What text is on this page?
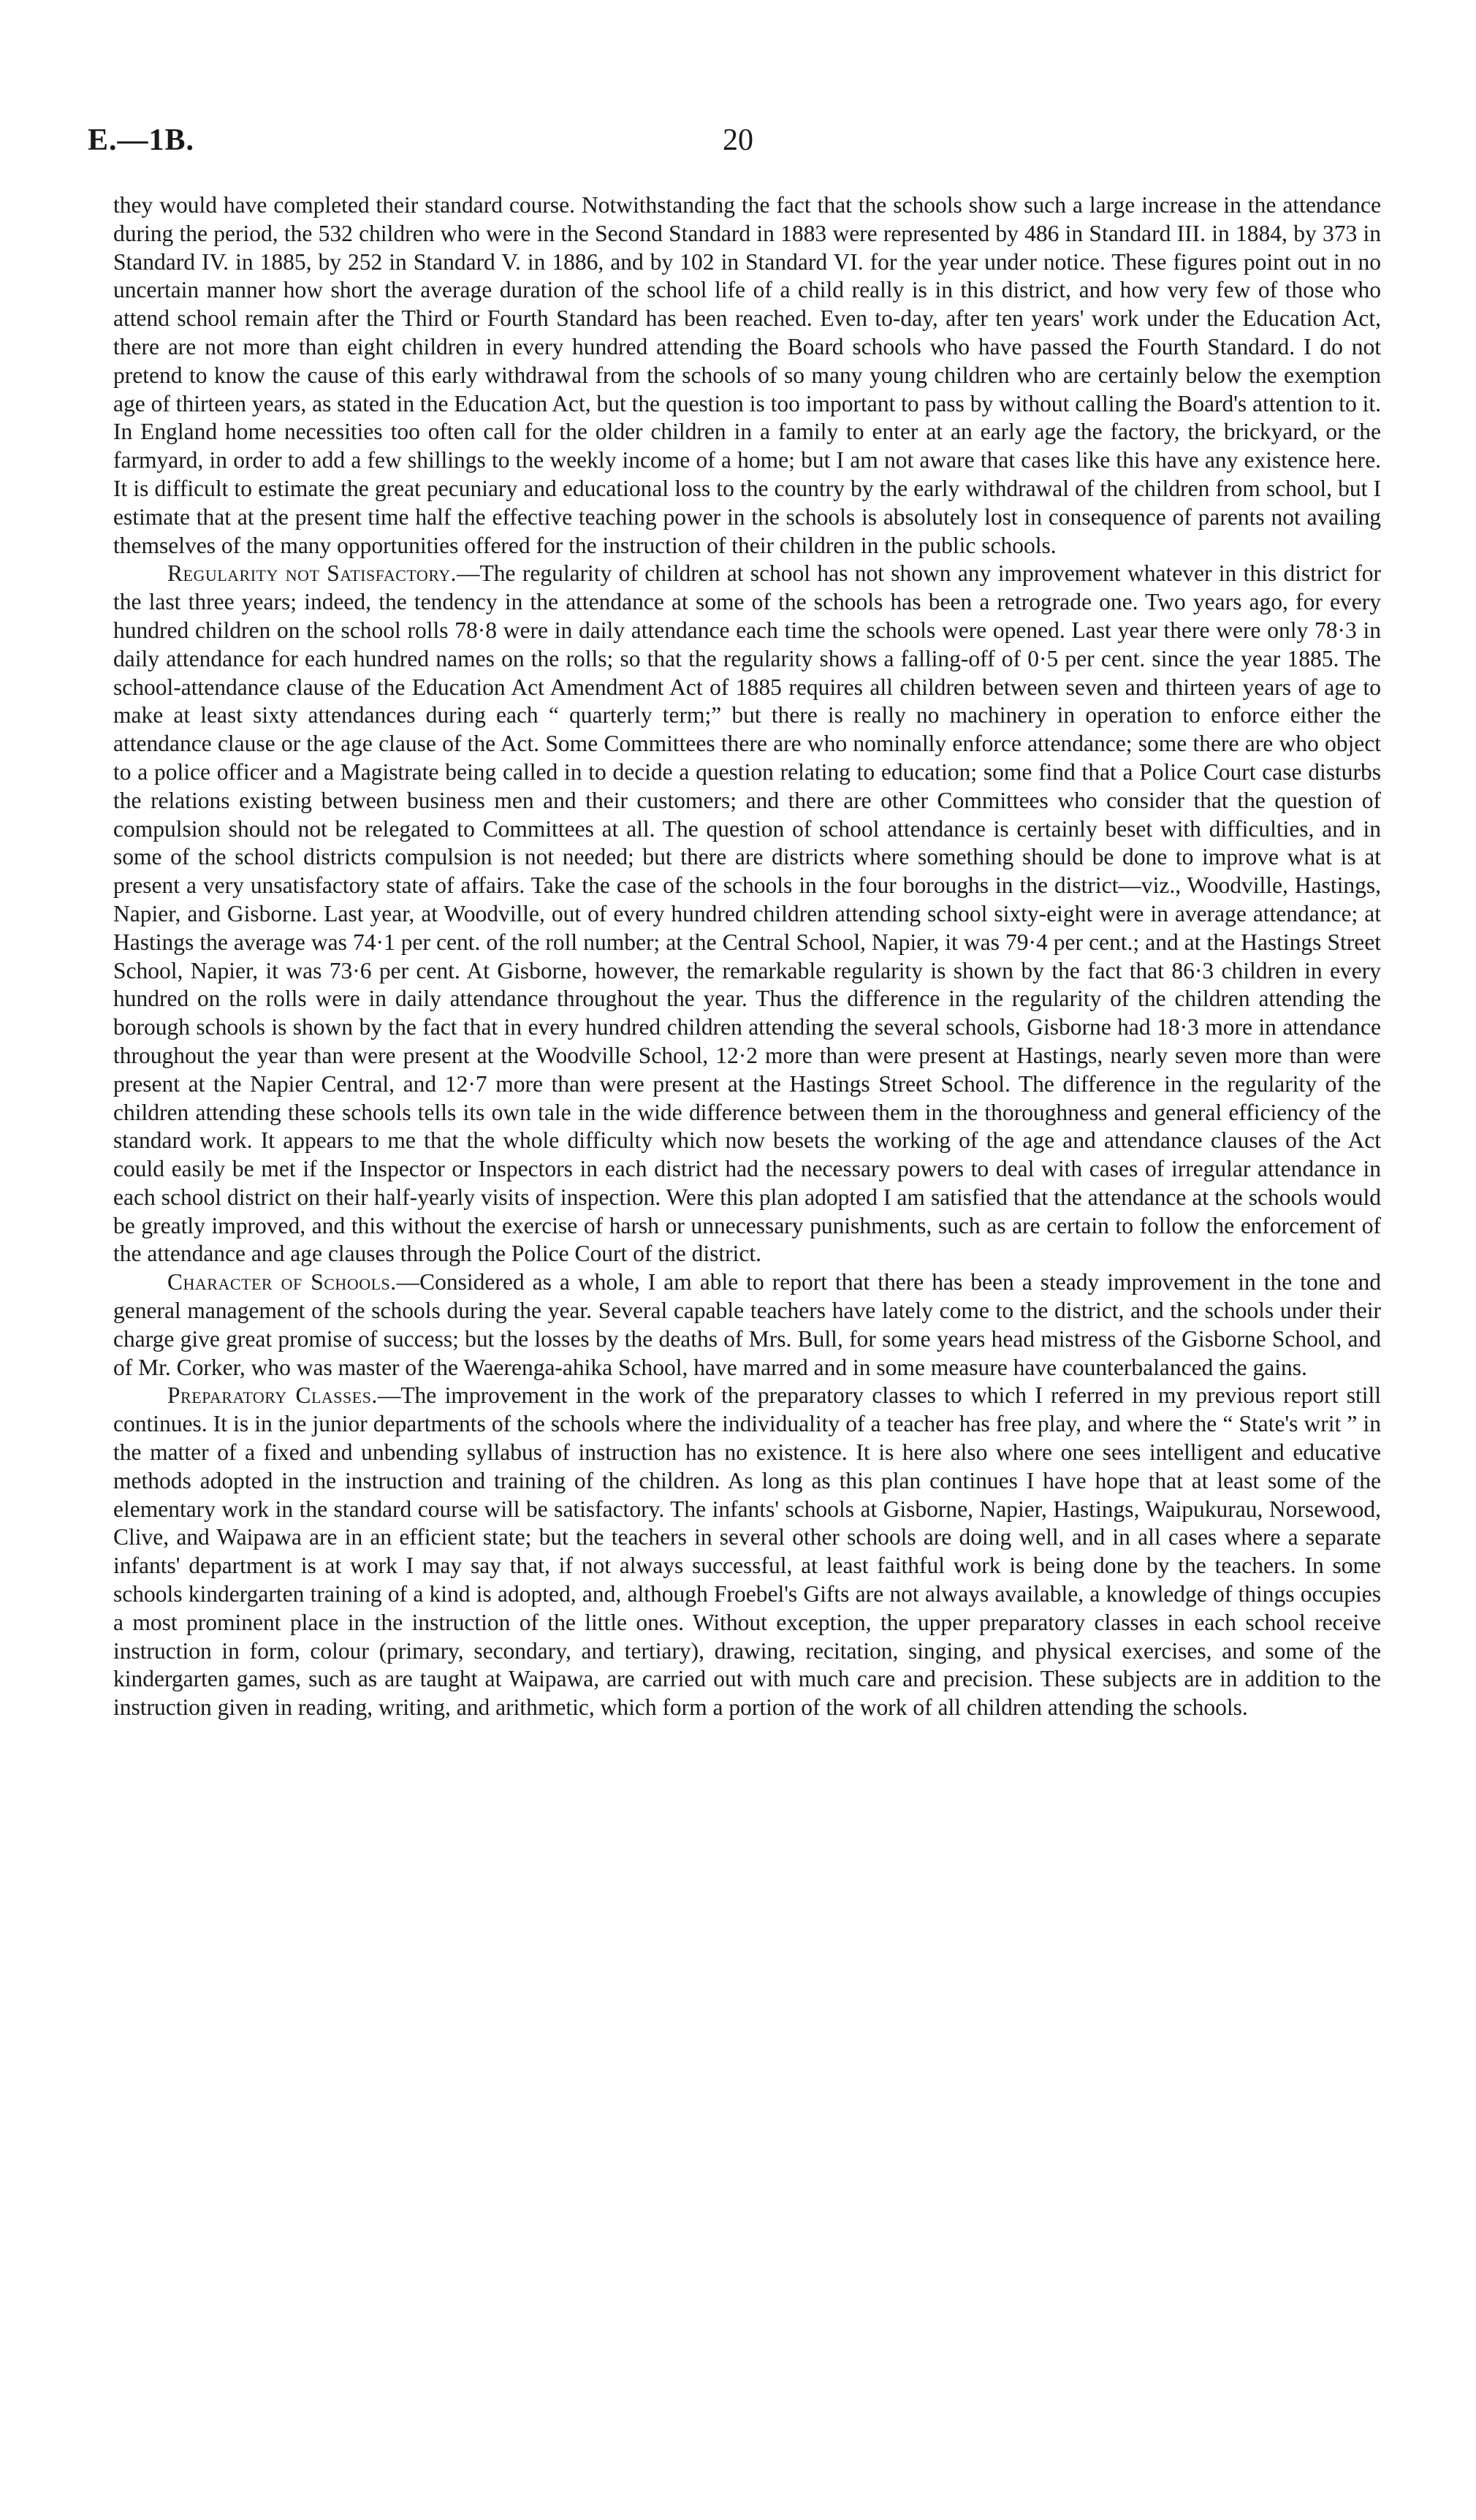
E.—1B.	20

they would have completed their standard course. Notwithstanding the fact that the schools show such a large increase in the attendance during the period, the 532 children who were in the Second Standard in 1883 were represented by 486 in Standard III. in 1884, by 373 in Standard IV. in 1885, by 252 in Standard V. in 1886, and by 102 in Standard VI. for the year under notice. These figures point out in no uncertain manner how short the average duration of the school life of a child really is in this district, and how very few of those who attend school remain after the Third or Fourth Standard has been reached. Even to-day, after ten years' work under the Education Act, there are not more than eight children in every hundred attending the Board schools who have passed the Fourth Standard. I do not pretend to know the cause of this early withdrawal from the schools of so many young children who are certainly below the exemption age of thirteen years, as stated in the Education Act, but the question is too important to pass by without calling the Board's attention to it. In England home necessities too often call for the older children in a family to enter at an early age the factory, the brickyard, or the farmyard, in order to add a few shillings to the weekly income of a home; but I am not aware that cases like this have any existence here. It is difficult to estimate the great pecuniary and educational loss to the country by the early withdrawal of the children from school, but I estimate that at the present time half the effective teaching power in the schools is absolutely lost in consequence of parents not availing themselves of the many opportunities offered for the instruction of their children in the public schools.

Regularity not Satisfactory.—The regularity of children at school has not shown any improvement whatever in this district for the last three years; indeed, the tendency in the attendance at some of the schools has been a retrograde one. Two years ago, for every hundred children on the school rolls 78·8 were in daily attendance each time the schools were opened. Last year there were only 78·3 in daily attendance for each hundred names on the rolls; so that the regularity shows a falling-off of 0·5 per cent. since the year 1885. The school-attendance clause of the Education Act Amendment Act of 1885 requires all children between seven and thirteen years of age to make at least sixty attendances during each “ quarterly term;” but there is really no machinery in operation to enforce either the attendance clause or the age clause of the Act. Some Committees there are who nominally enforce attendance; some there are who object to a police officer and a Magistrate being called in to decide a question relating to education; some find that a Police Court case disturbs the relations existing between business men and their customers; and there are other Committees who consider that the question of compulsion should not be relegated to Committees at all. The question of school attendance is certainly beset with difficulties, and in some of the school districts compulsion is not needed; but there are districts where something should be done to improve what is at present a very unsatisfactory state of affairs. Take the case of the schools in the four boroughs in the district—viz., Woodville, Hastings, Napier, and Gisborne. Last year, at Woodville, out of every hundred children attending school sixty-eight were in average attendance; at Hastings the average was 74·1 per cent. of the roll number; at the Central School, Napier, it was 79·4 per cent.; and at the Hastings Street School, Napier, it was 73·6 per cent. At Gisborne, however, the remarkable regularity is shown by the fact that 86·3 children in every hundred on the rolls were in daily attendance throughout the year. Thus the difference in the regularity of the children attending the borough schools is shown by the fact that in every hundred children attending the several schools, Gisborne had 18·3 more in attendance throughout the year than were present at the Woodville School, 12·2 more than were present at Hastings, nearly seven more than were present at the Napier Central, and 12·7 more than were present at the Hastings Street School. The difference in the regularity of the children attending these schools tells its own tale in the wide difference between them in the thoroughness and general efficiency of the standard work. It appears to me that the whole difficulty which now besets the working of the age and attendance clauses of the Act could easily be met if the Inspector or Inspectors in each district had the necessary powers to deal with cases of irregular attendance in each school district on their half-yearly visits of inspection. Were this plan adopted I am satisfied that the attendance at the schools would be greatly improved, and this without the exercise of harsh or unnecessary punishments, such as are certain to follow the enforcement of the attendance and age clauses through the Police Court of the district.

Character of Schools.—Considered as a whole, I am able to report that there has been a steady improvement in the tone and general management of the schools during the year. Several capable teachers have lately come to the district, and the schools under their charge give great promise of success; but the losses by the deaths of Mrs. Bull, for some years head mistress of the Gisborne School, and of Mr. Corker, who was master of the Waerenga-ahika School, have marred and in some measure have counterbalanced the gains.

Preparatory Classes.—The improvement in the work of the preparatory classes to which I referred in my previous report still continues. It is in the junior departments of the schools where the individuality of a teacher has free play, and where the “ State's writ ” in the matter of a fixed and unbending syllabus of instruction has no existence. It is here also where one sees intelligent and educative methods adopted in the instruction and training of the children. As long as this plan continues I have hope that at least some of the elementary work in the standard course will be satisfactory. The infants' schools at Gisborne, Napier, Hastings, Waipukurau, Norsewood, Clive, and Waipawa are in an efficient state; but the teachers in several other schools are doing well, and in all cases where a separate infants' department is at work I may say that, if not always successful, at least faithful work is being done by the teachers. In some schools kindergarten training of a kind is adopted, and, although Froebel's Gifts are not always available, a knowledge of things occupies a most prominent place in the instruction of the little ones. Without exception, the upper preparatory classes in each school receive instruction in form, colour (primary, secondary, and tertiary), drawing, recitation, singing, and physical exercises, and some of the kindergarten games, such as are taught at Waipawa, are carried out with much care and precision. These subjects are in addition to the instruction given in reading, writing, and arithmetic, which form a portion of the work of all children attending the schools.
